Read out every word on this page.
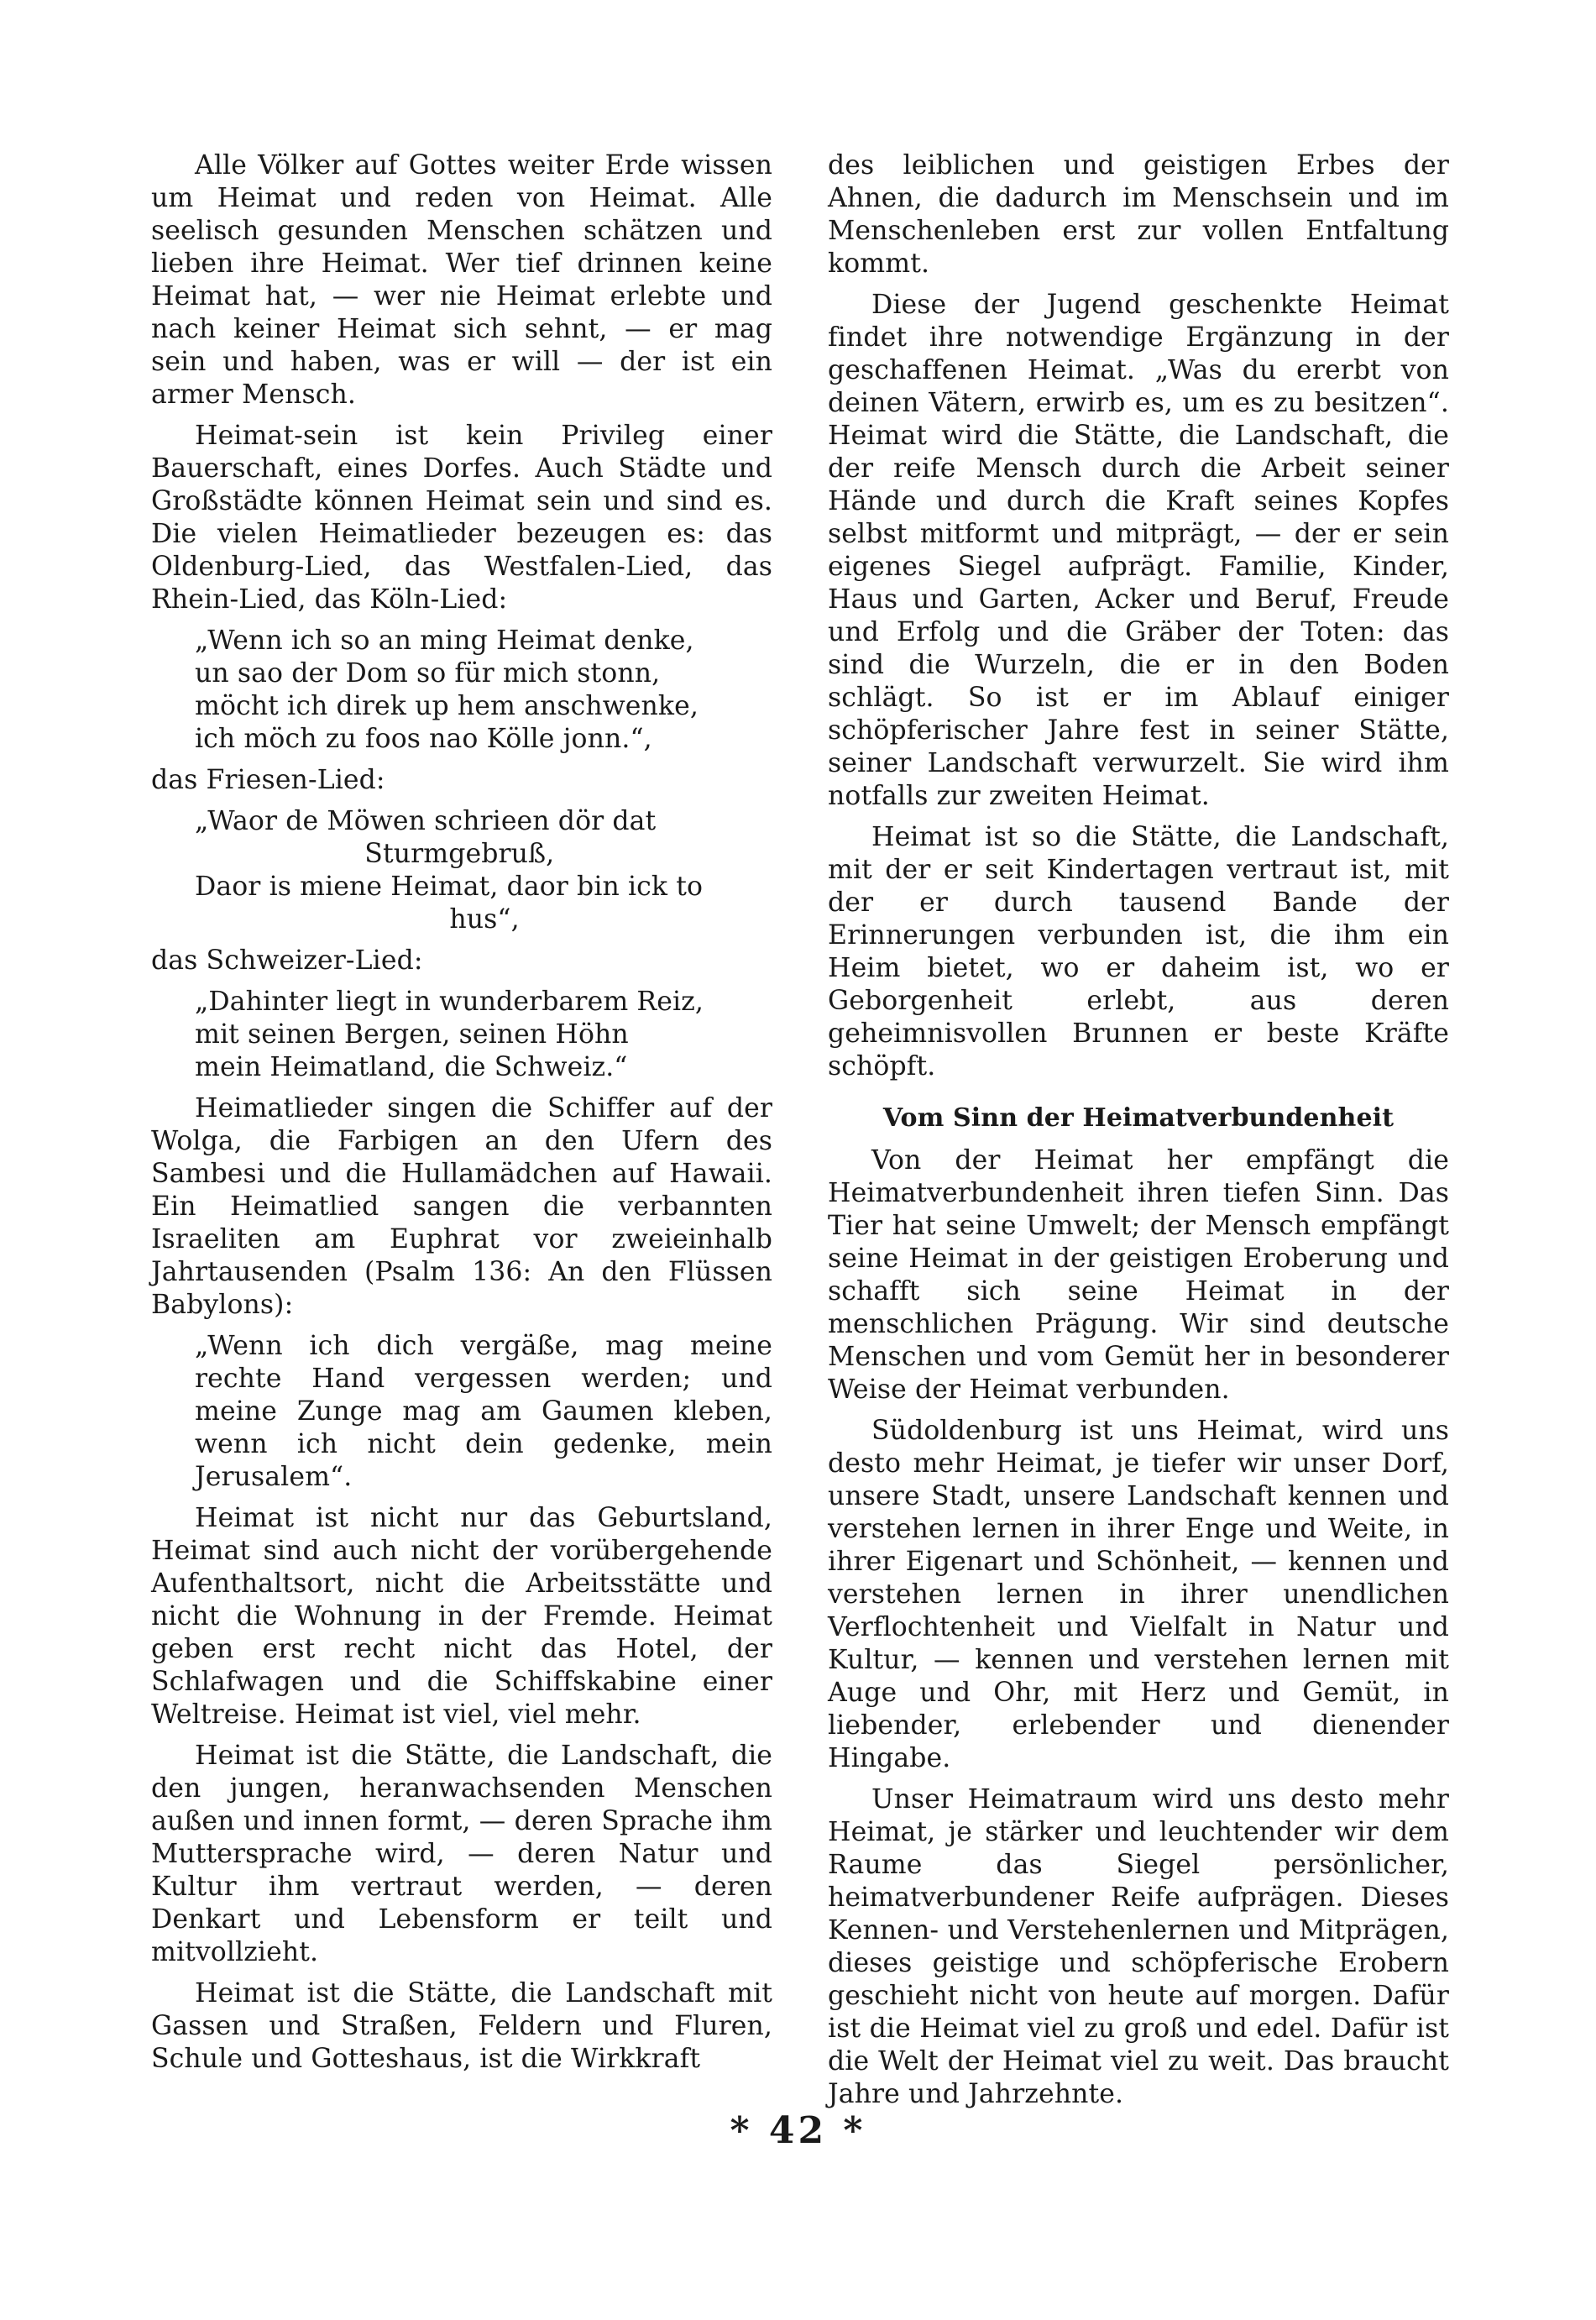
Alle Völker auf Gottes weiter Erde wissen um Heimat und reden von Heimat. Alle seelisch gesunden Menschen schätzen und lieben ihre Heimat. Wer tief drinnen keine Heimat hat, — wer nie Heimat erlebte und nach keiner Heimat sich sehnt, — er mag sein und haben, was er will — der ist ein armer Mensch.

Heimat-sein ist kein Privileg einer Bauerschaft, eines Dorfes. Auch Städte und Großstädte können Heimat sein und sind es. Die vielen Heimatlieder bezeugen es: das Oldenburg-Lied, das Westfalen-Lied, das Rhein-Lied, das Köln-Lied:

„Wenn ich so an ming Heimat denke,
un sao der Dom so für mich stonn,
möcht ich direk up hem anschwenke,
ich möch zu foos nao Kölle jonn.“,
das Friesen-Lied:
„Waor de Möwen schrieen dör dat
Sturmgebruß,
Daor is miene Heimat, daor bin ick to
hus“,
das Schweizer-Lied:
„Dahinter liegt in wunderbarem Reiz,
mit seinen Bergen, seinen Höhn
mein Heimatland, die Schweiz.“

Heimatlieder singen die Schiffer auf der Wolga, die Farbigen an den Ufern des Sambesi und die Hullamädchen auf Hawaii. Ein Heimatlied sangen die verbannten Israeliten am Euphrat vor zweieinhalb Jahrtausenden (Psalm 136: An den Flüssen Babylons):

„Wenn ich dich vergäße, mag meine rechte Hand vergessen werden; und meine Zunge mag am Gaumen kleben, wenn ich nicht dein gedenke, mein Jerusalem“.

Heimat ist nicht nur das Geburtsland, Heimat sind auch nicht der vorübergehende Aufenthaltsort, nicht die Arbeitsstätte und nicht die Wohnung in der Fremde. Heimat geben erst recht nicht das Hotel, der Schlafwagen und die Schiffskabine einer Weltreise. Heimat ist viel, viel mehr.

Heimat ist die Stätte, die Landschaft, die den jungen, heranwachsenden Menschen außen und innen formt, — deren Sprache ihm Muttersprache wird, — deren Natur und Kultur ihm vertraut werden, — deren Denkart und Lebensform er teilt und mitvollzieht.

Heimat ist die Stätte, die Landschaft mit Gassen und Straßen, Feldern und Fluren, Schule und Gotteshaus, ist die Wirkkraft

des leiblichen und geistigen Erbes der Ahnen, die dadurch im Menschsein und im Menschenleben erst zur vollen Entfaltung kommt.

Diese der Jugend geschenkte Heimat findet ihre notwendige Ergänzung in der geschaffenen Heimat. „Was du ererbt von deinen Vätern, erwirb es, um es zu besitzen“. Heimat wird die Stätte, die Landschaft, die der reife Mensch durch die Arbeit seiner Hände und durch die Kraft seines Kopfes selbst mitformt und mitprägt, — der er sein eigenes Siegel aufprägt. Familie, Kinder, Haus und Garten, Acker und Beruf, Freude und Erfolg und die Gräber der Toten: das sind die Wurzeln, die er in den Boden schlägt. So ist er im Ablauf einiger schöpferischer Jahre fest in seiner Stätte, seiner Landschaft verwurzelt. Sie wird ihm notfalls zur zweiten Heimat.

Heimat ist so die Stätte, die Landschaft, mit der er seit Kindertagen vertraut ist, mit der er durch tausend Bande der Erinnerungen verbunden ist, die ihm ein Heim bietet, wo er daheim ist, wo er Geborgenheit erlebt, aus deren geheimnisvollen Brunnen er beste Kräfte schöpft.

Vom Sinn der Heimatverbundenheit

Von der Heimat her empfängt die Heimatverbundenheit ihren tiefen Sinn. Das Tier hat seine Umwelt; der Mensch empfängt seine Heimat in der geistigen Eroberung und schafft sich seine Heimat in der menschlichen Prägung. Wir sind deutsche Menschen und vom Gemüt her in besonderer Weise der Heimat verbunden.

Südoldenburg ist uns Heimat, wird uns desto mehr Heimat, je tiefer wir unser Dorf, unsere Stadt, unsere Landschaft kennen und verstehen lernen in ihrer Enge und Weite, in ihrer Eigenart und Schönheit, — kennen und verstehen lernen in ihrer unendlichen Verflochtenheit und Vielfalt in Natur und Kultur, — kennen und verstehen lernen mit Auge und Ohr, mit Herz und Gemüt, in liebender, erlebender und dienender Hingabe.

Unser Heimatraum wird uns desto mehr Heimat, je stärker und leuchtender wir dem Raume das Siegel persönlicher, heimatverbundener Reife aufprägen. Dieses Kennen- und Verstehenlernen und Mitprägen, dieses geistige und schöpferische Erobern geschieht nicht von heute auf morgen. Dafür ist die Heimat viel zu groß und edel. Dafür ist die Welt der Heimat viel zu weit. Das braucht Jahre und Jahrzehnte.

* 42 *
